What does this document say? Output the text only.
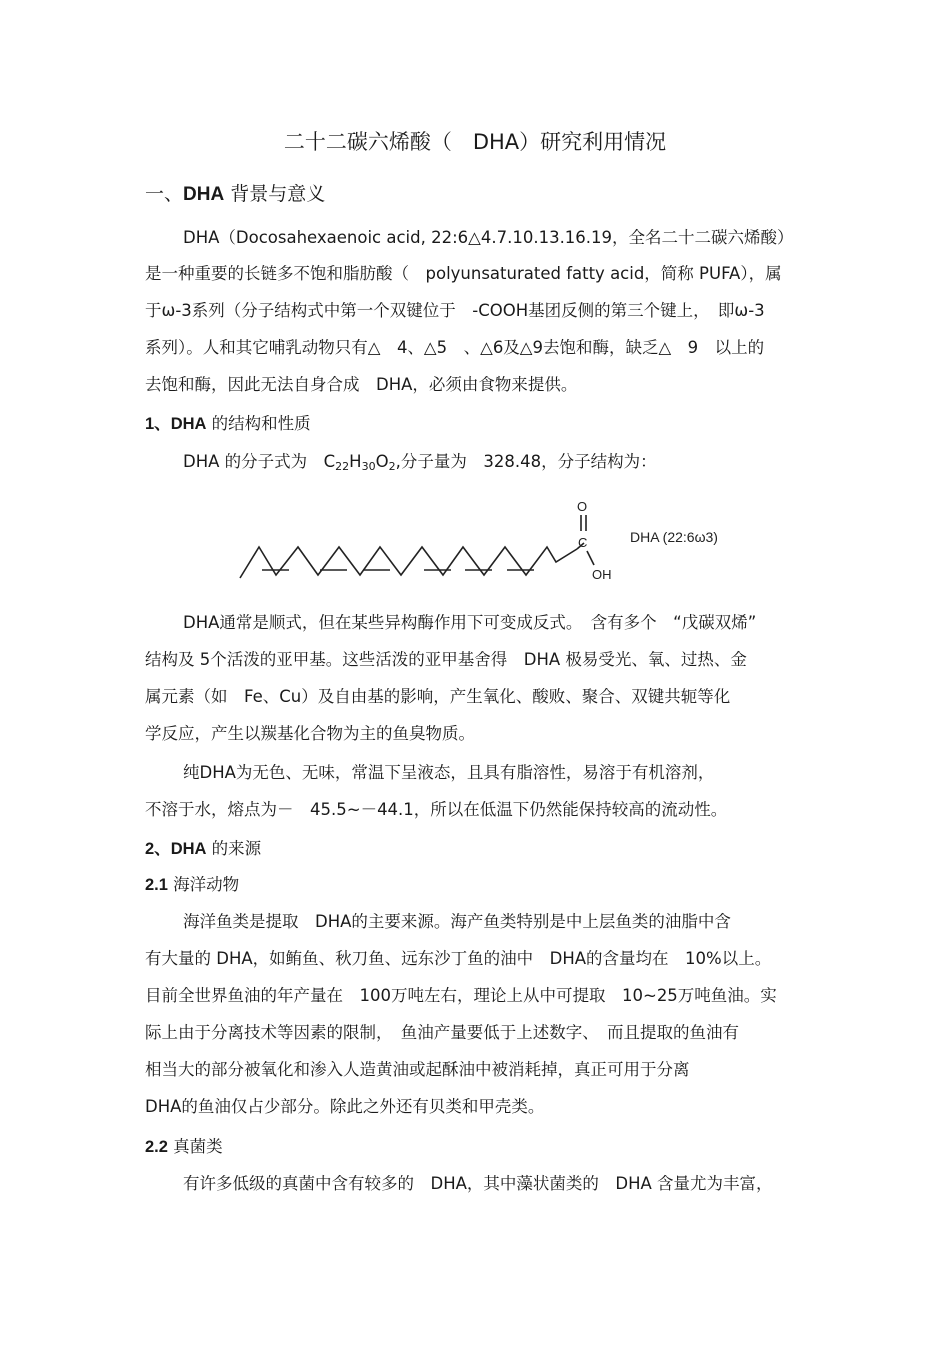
二十二碳六烯酸（　DHA）研究利用情况
一、DHA 背景与意义
DHA（Docosahexaenoic acid, 22:6△4.7.10.13.16.19，全名二十二碳六烯酸）
是一种重要的长链多不饱和脂肪酸（　polyunsaturated fatty acid，简称 PUFA），属
于ω-3系列（分子结构式中第一个双键位于　-COOH基团反侧的第三个键上，　即ω-3
系列）。人和其它哺乳动物只有△　4、△5　、△6及△9去饱和酶，缺乏△　9　以上的
去饱和酶，因此无法自身合成　DHA，必须由食物来提供。
1、DHA 的结构和性质
DHA 的分子式为　$C_{22}H_{30}O_2$,分子量为　328.48，分子结构为：
O
C
OH
DHA (22:6ω3)
DHA通常是顺式，但在某些异构酶作用下可变成反式。　含有多个　“戊碳双烯”
结构及 5个活泼的亚甲基。这些活泼的亚甲基舍得　DHA 极易受光、氧、过热、金
属元素（如　Fe、Cu）及自由基的影响，产生氧化、酸败、聚合、双键共轭等化
学反应，产生以羰基化合物为主的鱼臭物质。
纯DHA为无色、无味，常温下呈液态，且具有脂溶性，易溶于有机溶剂，
不溶于水，熔点为－　45.5~－44.1，所以在低温下仍然能保持较高的流动性。
2、DHA 的来源
2.1 海洋动物
海洋鱼类是提取　DHA的主要来源。海产鱼类特别是中上层鱼类的油脂中含
有大量的 DHA，如鲔鱼、秋刀鱼、远东沙丁鱼的油中　DHA的含量均在　10%以上。
目前全世界鱼油的年产量在　100万吨左右，理论上从中可提取　10~25万吨鱼油。实
际上由于分离技术等因素的限制，　鱼油产量要低于上述数字、　而且提取的鱼油有
相当大的部分被氧化和渗入人造黄油或起酥油中被消耗掉，真正可用于分离
DHA的鱼油仅占少部分。除此之外还有贝类和甲壳类。
2.2 真菌类
有许多低级的真菌中含有较多的　DHA，其中藻状菌类的　DHA 含量尤为丰富，
